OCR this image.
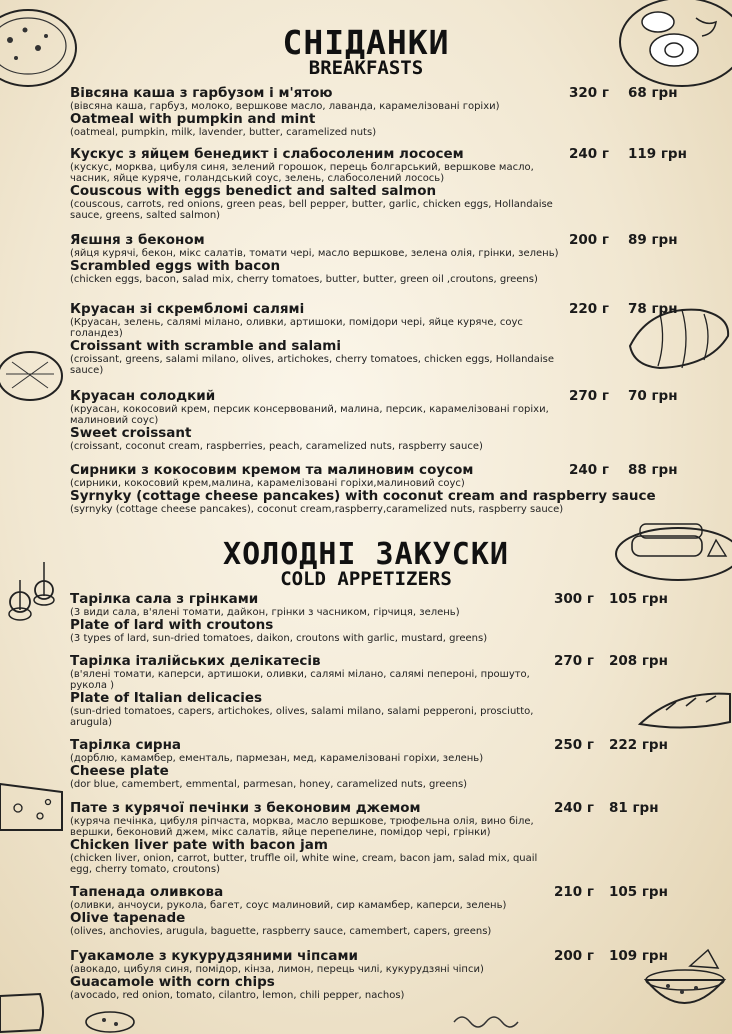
СНІДАНКИ
BREAKFASTS
Вівсяна каша з гарбузом і м'ятою
(вівсяна каша, гарбуз, молоко, вершкове масло, лаванда, карамелізовані горіхи)
Oatmeal with pumpkin and mint
(oatmeal, pumpkin, milk, lavender, butter, caramelized nuts)
320 г 68 грн
Кускус з яйцем бенедикт і слабосоленим лососем
(кускус, морква, цибуля синя, зелений горошок, перець болгарський, вершкове масло, часник, яйце куряче, голандський соус, зелень, слабосолений лосось)
Couscous with eggs benedict and salted salmon
(couscous, carrots, red onions, green peas, bell pepper, butter, garlic, chicken eggs, Hollandaise sauce, greens, salted salmon)
240 г 119 грн
Яєшня з беконом
(яйця курячі, бекон, мікс салатів, томати чері, масло вершкове, зелена олія, грінки, зелень)
Scrambled eggs with bacon
(chicken eggs, bacon, salad mix, cherry tomatoes, butter, butter, green oil ,croutons, greens)
200 г 89 грн
Круасан зі скрембломі салямі
(Круасан, зелень, салямі мілано, оливки, артишоки, помідори чері, яйце куряче, соус голандез)
Croissant with scramble and salami
(croissant, greens, salami milano, olives, artichokes, cherry tomatoes, chicken eggs, Hollandaise sauce)
220 г 78 грн
Круасан солодкий
(круасан, кокосовий крем, персик консервований, малина, персик, карамелізовані горіхи, малиновий соус)
Sweet croissant
(croissant, coconut cream, raspberries, peach, caramelized nuts, raspberry sauce)
270 г 70 грн
Сирники з кокосовим кремом та малиновим соусом
(сирники, кокосовий крем,малина, карамелізовані горіхи,малиновий соус)
Syrnyky (cottage cheese pancakes) with coconut cream and raspberry sauce
(syrnyky (cottage cheese pancakes), coconut cream,raspberry,caramelized nuts, raspberry sauce)
240 г 88 грн
ХОЛОДНІ ЗАКУСКИ
COLD APPETIZERS
Тарілка сала з грінками
(3 види сала, в'ялені томати, дайкон, грінки з часником, гірчиця, зелень)
Plate of lard with croutons
(3 types of lard, sun-dried tomatoes, daikon, croutons with garlic, mustard, greens)
300 г 105 грн
Тарілка італійських делікатесів
(в'ялені томати, каперси, артишоки, оливки, салямі мілано, салямі пепероні, прошуто, рукола )
Plate of Italian delicacies
(sun-dried tomatoes, capers, artichokes, olives, salami milano, salami pepperoni, prosciutto, arugula)
270 г 208 грн
Тарілка сирна
(дорблю, камамбер, ементаль, пармезан, мед, карамелізовані горіхи, зелень)
Cheese plate
(dor blue, camembert, emmental, parmesan, honey, caramelized nuts, greens)
250 г 222 грн
Пате з курячої печінки з беконовим джемом
(куряча печінка, цибуля ріпчаста, морква, масло вершкове, трюфельна олія, вино біле, вершки, беконовий джем, мікс салатів, яйце перепелине, помідор чері, грінки)
Chicken liver pate with bacon jam
(chicken liver, onion, carrot, butter, truffle oil, white wine, cream, bacon jam, salad mix, quail egg, cherry tomato, croutons)
240 г 81 грн
Тапенада оливкова
(оливки, анчоуси, рукола, багет, соус малиновий, сир камамбер, каперси, зелень)
Olive tapenade
(olives, anchovies, arugula, baguette, raspberry sauce, camembert, capers, greens)
210 г 105 грн
Гуакамоле з кукурудзяними чіпсами
(авокадо, цибуля синя, помідор, кінза, лимон, перець чилі, кукурудзяні чіпси)
Guacamole with corn chips
(avocado, red onion, tomato, cilantro, lemon, chili pepper, nachos)
200 г 109 грн
